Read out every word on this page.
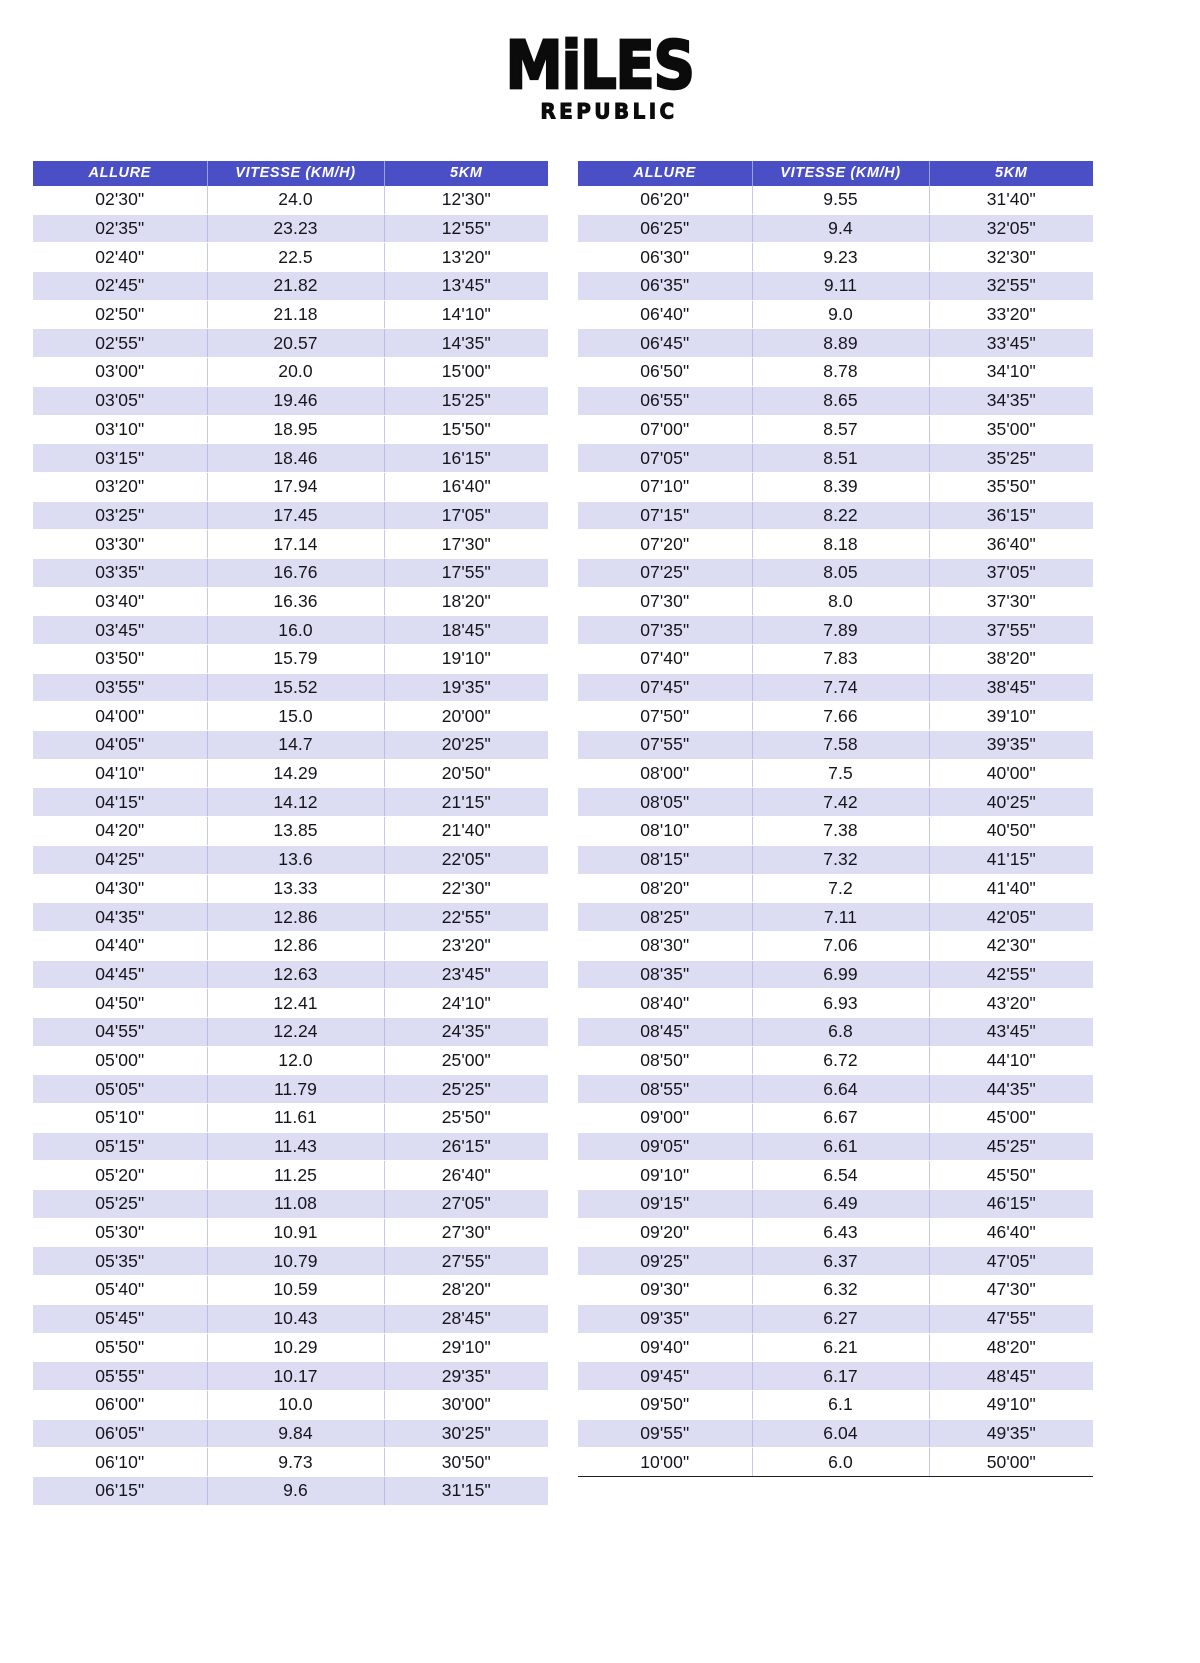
MiLES
REPUBLIC
ALLURE	VITESSE (KM/H)	5KM
02'30"	24.0	12'30"
02'35"	23.23	12'55"
02'40"	22.5	13'20"
02'45"	21.82	13'45"
02'50"	21.18	14'10"
02'55"	20.57	14'35"
03'00"	20.0	15'00"
03'05"	19.46	15'25"
03'10"	18.95	15'50"
03'15"	18.46	16'15"
03'20"	17.94	16'40"
03'25"	17.45	17'05"
03'30"	17.14	17'30"
03'35"	16.76	17'55"
03'40"	16.36	18'20"
03'45"	16.0	18'45"
03'50"	15.79	19'10"
03'55"	15.52	19'35"
04'00"	15.0	20'00"
04'05"	14.7	20'25"
04'10"	14.29	20'50"
04'15"	14.12	21'15"
04'20"	13.85	21'40"
04'25"	13.6	22'05"
04'30"	13.33	22'30"
04'35"	12.86	22'55"
04'40"	12.86	23'20"
04'45"	12.63	23'45"
04'50"	12.41	24'10"
04'55"	12.24	24'35"
05'00"	12.0	25'00"
05'05"	11.79	25'25"
05'10"	11.61	25'50"
05'15"	11.43	26'15"
05'20"	11.25	26'40"
05'25"	11.08	27'05"
05'30"	10.91	27'30"
05'35"	10.79	27'55"
05'40"	10.59	28'20"
05'45"	10.43	28'45"
05'50"	10.29	29'10"
05'55"	10.17	29'35"
06'00"	10.0	30'00"
06'05"	9.84	30'25"
06'10"	9.73	30'50"
06'15"	9.6	31'15"
ALLURE	VITESSE (KM/H)	5KM
06'20"	9.55	31'40"
06'25"	9.4	32'05"
06'30"	9.23	32'30"
06'35"	9.11	32'55"
06'40"	9.0	33'20"
06'45"	8.89	33'45"
06'50"	8.78	34'10"
06'55"	8.65	34'35"
07'00"	8.57	35'00"
07'05"	8.51	35'25"
07'10"	8.39	35'50"
07'15"	8.22	36'15"
07'20"	8.18	36'40"
07'25"	8.05	37'05"
07'30"	8.0	37'30"
07'35"	7.89	37'55"
07'40"	7.83	38'20"
07'45"	7.74	38'45"
07'50"	7.66	39'10"
07'55"	7.58	39'35"
08'00"	7.5	40'00"
08'05"	7.42	40'25"
08'10"	7.38	40'50"
08'15"	7.32	41'15"
08'20"	7.2	41'40"
08'25"	7.11	42'05"
08'30"	7.06	42'30"
08'35"	6.99	42'55"
08'40"	6.93	43'20"
08'45"	6.8	43'45"
08'50"	6.72	44'10"
08'55"	6.64	44'35"
09'00"	6.67	45'00"
09'05"	6.61	45'25"
09'10"	6.54	45'50"
09'15"	6.49	46'15"
09'20"	6.43	46'40"
09'25"	6.37	47'05"
09'30"	6.32	47'30"
09'35"	6.27	47'55"
09'40"	6.21	48'20"
09'45"	6.17	48'45"
09'50"	6.1	49'10"
09'55"	6.04	49'35"
10'00"	6.0	50'00"
